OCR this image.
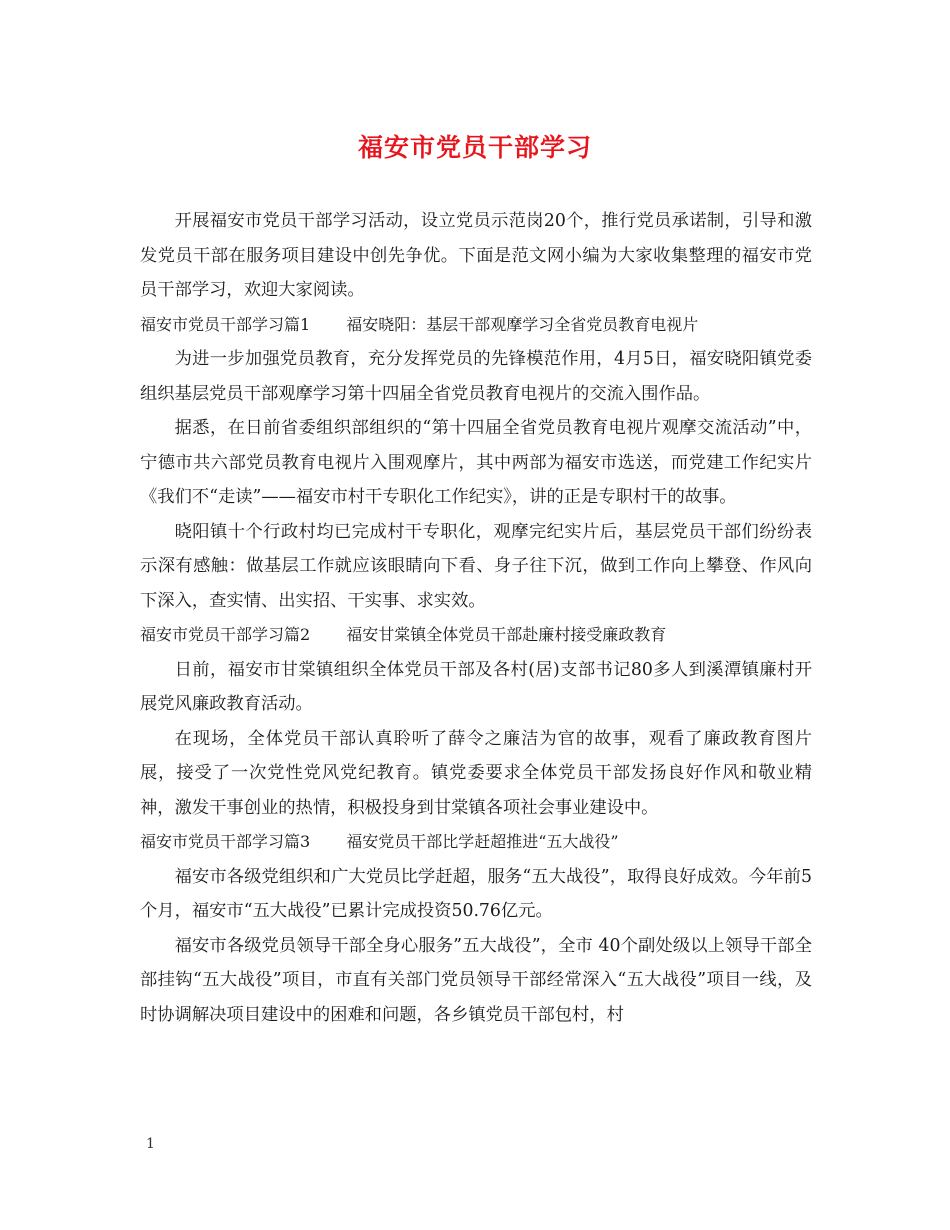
福安市党员干部学习

开展福安市党员干部学习活动，设立党员示范岗20个，推行党员承诺制，引导和激发党员干部在服务项目建设中创先争优。下面是范文网小编为大家收集整理的福安市党员干部学习，欢迎大家阅读。

福安市党员干部学习篇1 福安晓阳：基层干部观摩学习全省党员教育电视片

为进一步加强党员教育，充分发挥党员的先锋模范作用，4月5日，福安晓阳镇党委组织基层党员干部观摩学习第十四届全省党员教育电视片的交流入围作品。

据悉，在日前省委组织部组织的“第十四届全省党员教育电视片观摩交流活动”中，宁德市共六部党员教育电视片入围观摩片，其中两部为福安市选送，而党建工作纪实片《我们不“走读”——福安市村干专职化工作纪实》，讲的正是专职村干的故事。

晓阳镇十个行政村均已完成村干专职化，观摩完纪实片后，基层党员干部们纷纷表示深有感触：做基层工作就应该眼睛向下看、身子往下沉，做到工作向上攀登、作风向下深入，查实情、出实招、干实事、求实效。

福安市党员干部学习篇2 福安甘棠镇全体党员干部赴廉村接受廉政教育

日前，福安市甘棠镇组织全体党员干部及各村(居)支部书记80多人到溪潭镇廉村开展党风廉政教育活动。

在现场，全体党员干部认真聆听了薛令之廉洁为官的故事，观看了廉政教育图片展，接受了一次党性党风党纪教育。镇党委要求全体党员干部发扬良好作风和敬业精神，激发干事创业的热情，积极投身到甘棠镇各项社会事业建设中。

福安市党员干部学习篇3 福安党员干部比学赶超推进“五大战役”

福安市各级党组织和广大党员比学赶超，服务“五大战役”，取得良好成效。今年前5个月，福安市“五大战役”已累计完成投资50.76亿元。

福安市各级党员领导干部全身心服务”五大战役”，全市 40个副处级以上领导干部全部挂钩“五大战役”项目，市直有关部门党员领导干部经常深入“五大战役”项目一线，及时协调解决项目建设中的困难和问题，各乡镇党员干部包村，村

1
